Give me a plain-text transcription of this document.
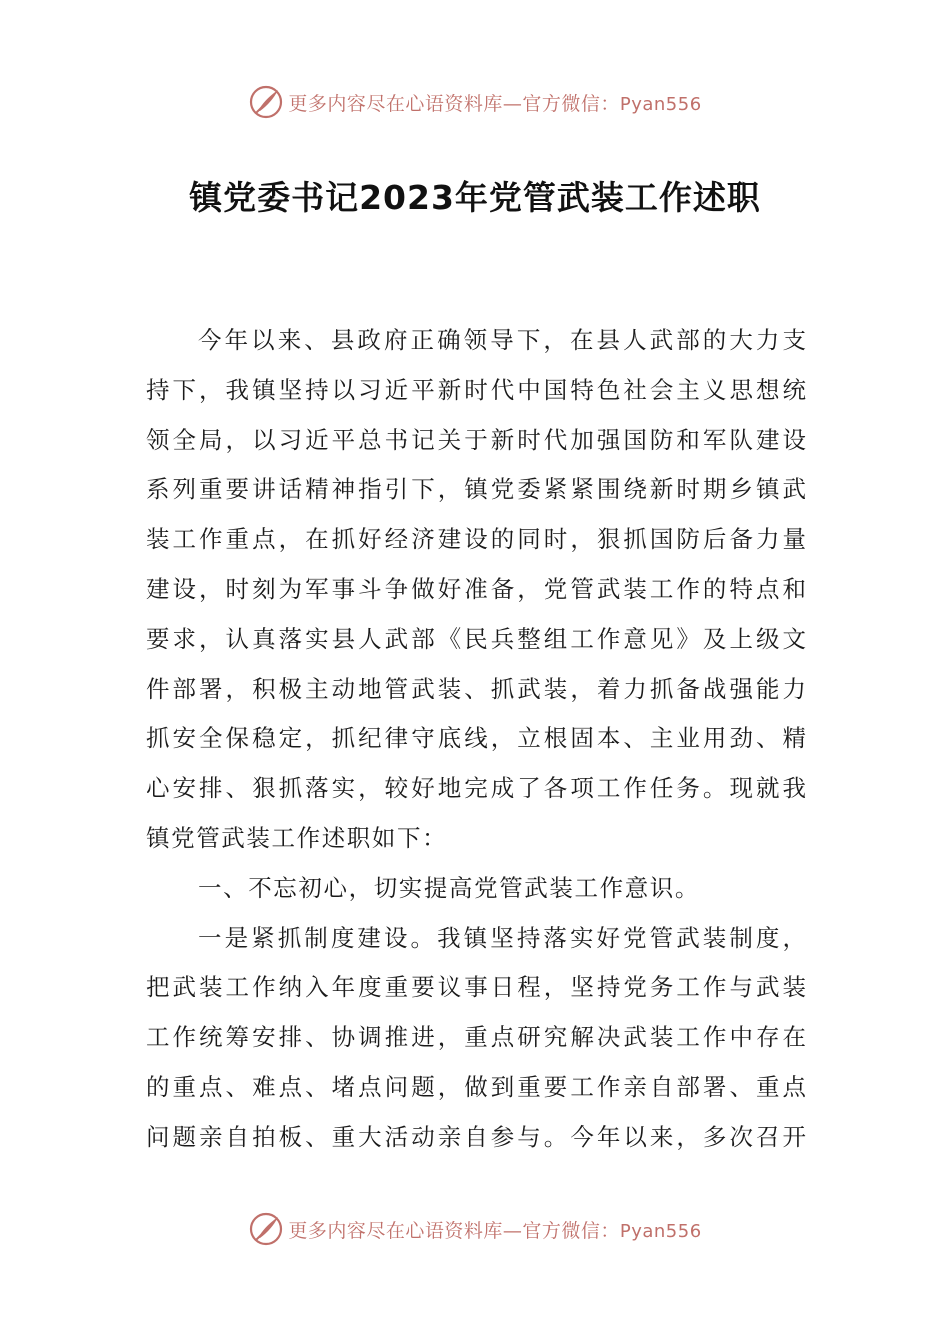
更多内容尽在心语资料库—官方微信：Pyan556
镇党委书记2023年党管武装工作述职
今年以来、县政府正确领导下，在县人武部的大力支
持下，我镇坚持以习近平新时代中国特色社会主义思想统
领全局，以习近平总书记关于新时代加强国防和军队建设
系列重要讲话精神指引下，镇党委紧紧围绕新时期乡镇武
装工作重点，在抓好经济建设的同时，狠抓国防后备力量
建设，时刻为军事斗争做好准备，党管武装工作的特点和
要求，认真落实县人武部《民兵整组工作意见》及上级文
件部署，积极主动地管武装、抓武装，着力抓备战强能力
抓安全保稳定，抓纪律守底线，立根固本、主业用劲、精
心安排、狠抓落实，较好地完成了各项工作任务。现就我
镇党管武装工作述职如下：
一、不忘初心，切实提高党管武装工作意识。
一是紧抓制度建设。我镇坚持落实好党管武装制度，
把武装工作纳入年度重要议事日程，坚持党务工作与武装
工作统筹安排、协调推进，重点研究解决武装工作中存在
的重点、难点、堵点问题，做到重要工作亲自部署、重点
问题亲自拍板、重大活动亲自参与。今年以来，多次召开
更多内容尽在心语资料库—官方微信：Pyan556
